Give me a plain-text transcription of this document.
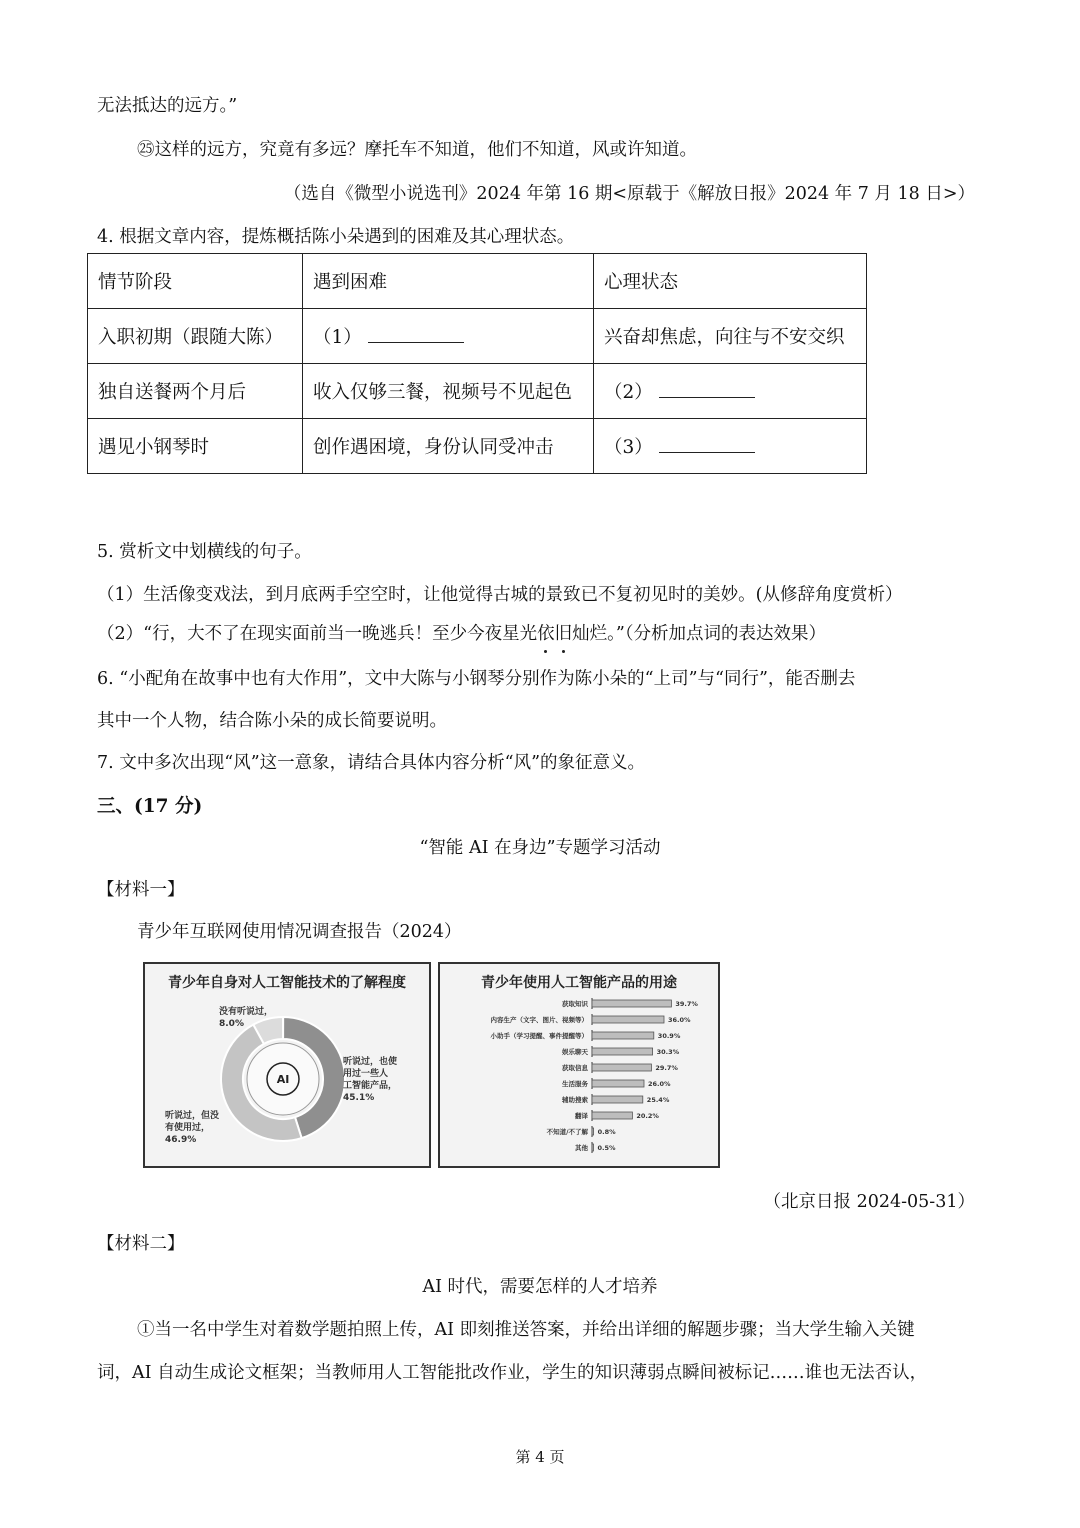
无法抵达的远方。”
㉕这样的远方，究竟有多远？摩托车不知道，他们不知道，风或许知道。
（选自《微型小说选刊》2024 年第 16 期<原载于《解放日报》2024 年 7 月 18 日>）
4. 根据文章内容，提炼概括陈小朵遇到的困难及其心理状态。
情节阶段	遇到困难	心理状态
入职初期（跟随大陈）	（1）	兴奋却焦虑，向往与不安交织
独自送餐两个月后	收入仅够三餐，视频号不见起色	（2）
遇见小钢琴时	创作遇困境，身份认同受冲击	（3）
5. 赏析文中划横线的句子。
（1）生活像变戏法，到月底两手空空时，让他觉得古城的景致已不复初见时的美妙。(从修辞角度赏析）
（2）“行，大不了在现实面前当一晚逃兵！至少今夜星光依旧灿烂。”（分析加点词的表达效果）
6. “小配角在故事中也有大作用”，文中大陈与小钢琴分别作为陈小朵的“上司”与“同行”，能否删去
其中一个人物，结合陈小朵的成长简要说明。
7. 文中多次出现“风”这一意象，请结合具体内容分析“风”的象征意义。
三、(17 分)
“智能 AI 在身边”专题学习活动
【材料一】
青少年互联网使用情况调查报告（2024）
青少年自身对人工智能技术的了解程度
AI
没有听说过，
8.0%
听说过，也使
用过一些人
工智能产品，
45.1%
听说过，但没
有使用过，
46.9%
青少年使用人工智能产品的用途
获取知识	39.7%
内容生产（文字、图片、视频等）	36.0%
小助手（学习提醒、事件提醒等）	30.9%
娱乐聊天	30.3%
获取信息	29.7%
生活服务	26.0%
辅助搜索	25.4%
翻译	20.2%
不知道/不了解 0.8%
其他 0.5%
（北京日报 2024-05-31）
【材料二】
AI 时代，需要怎样的人才培养
①当一名中学生对着数学题拍照上传，AI 即刻推送答案，并给出详细的解题步骤；当大学生输入关键
词，AI 自动生成论文框架；当教师用人工智能批改作业，学生的知识薄弱点瞬间被标记……谁也无法否认，
第 4 页
